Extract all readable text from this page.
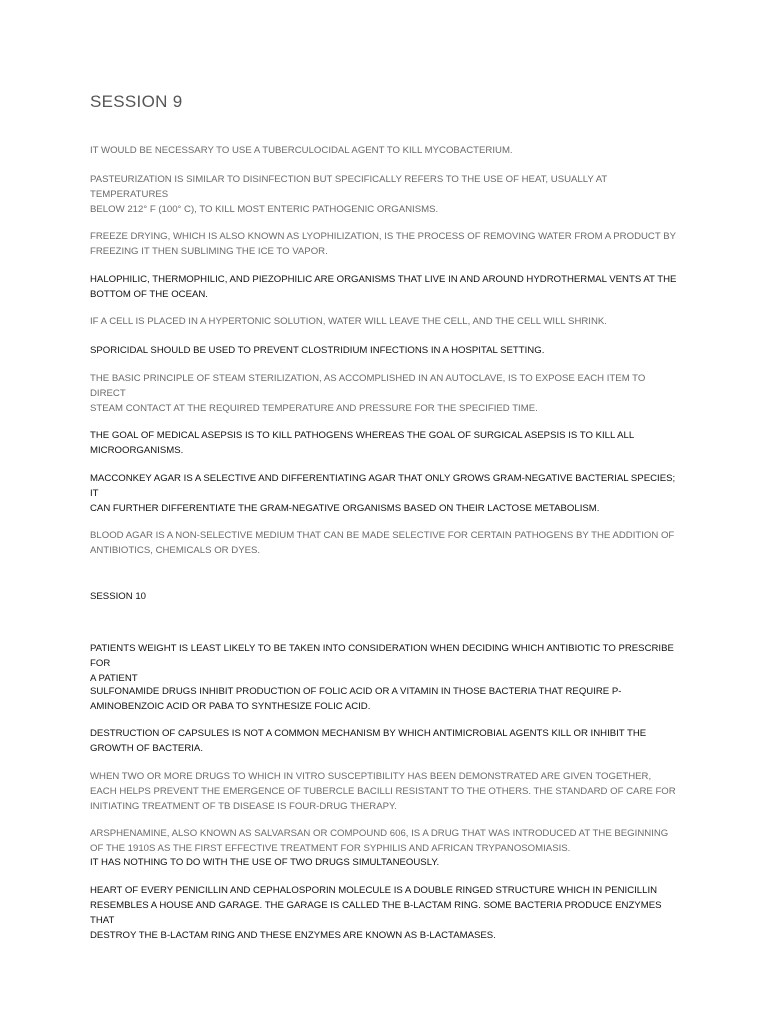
SESSION 9

IT WOULD BE NECESSARY TO USE A TUBERCULOCIDAL AGENT TO KILL MYCOBACTERIUM.

PASTEURIZATION IS SIMILAR TO DISINFECTION BUT SPECIFICALLY REFERS TO THE USE OF HEAT, USUALLY AT TEMPERATURES
BELOW 212° F (100° C), TO KILL MOST ENTERIC PATHOGENIC ORGANISMS.

FREEZE DRYING, WHICH IS ALSO KNOWN AS LYOPHILIZATION, IS THE PROCESS OF REMOVING WATER FROM A PRODUCT BY
FREEZING IT THEN SUBLIMING THE ICE TO VAPOR.

HALOPHILIC, THERMOPHILIC, AND PIEZOPHILIC ARE ORGANISMS THAT LIVE IN AND AROUND HYDROTHERMAL VENTS AT THE
BOTTOM OF THE OCEAN.

IF A CELL IS PLACED IN A HYPERTONIC SOLUTION, WATER WILL LEAVE THE CELL, AND THE CELL WILL SHRINK.

SPORICIDAL SHOULD BE USED TO PREVENT CLOSTRIDIUM INFECTIONS IN A HOSPITAL SETTING.

THE BASIC PRINCIPLE OF STEAM STERILIZATION, AS ACCOMPLISHED IN AN AUTOCLAVE, IS TO EXPOSE EACH ITEM TO DIRECT
STEAM CONTACT AT THE REQUIRED TEMPERATURE AND PRESSURE FOR THE SPECIFIED TIME.

THE GOAL OF MEDICAL ASEPSIS IS TO KILL PATHOGENS WHEREAS THE GOAL OF SURGICAL ASEPSIS IS TO KILL ALL
MICROORGANISMS.

MACCONKEY AGAR IS A SELECTIVE AND DIFFERENTIATING AGAR THAT ONLY GROWS GRAM-NEGATIVE BACTERIAL SPECIES; IT
CAN FURTHER DIFFERENTIATE THE GRAM-NEGATIVE ORGANISMS BASED ON THEIR LACTOSE METABOLISM.

BLOOD AGAR IS A NON-SELECTIVE MEDIUM THAT CAN BE MADE SELECTIVE FOR CERTAIN PATHOGENS BY THE ADDITION OF
ANTIBIOTICS, CHEMICALS OR DYES.

SESSION 10

PATIENTS WEIGHT IS LEAST LIKELY TO BE TAKEN INTO CONSIDERATION WHEN DECIDING WHICH ANTIBIOTIC TO PRESCRIBE FOR
A PATIENT

SULFONAMIDE DRUGS INHIBIT PRODUCTION OF FOLIC ACID OR A VITAMIN IN THOSE BACTERIA THAT REQUIRE P-
AMINOBENZOIC ACID OR PABA TO SYNTHESIZE FOLIC ACID.

DESTRUCTION OF CAPSULES IS NOT A COMMON MECHANISM BY WHICH ANTIMICROBIAL AGENTS KILL OR INHIBIT THE
GROWTH OF BACTERIA.

WHEN TWO OR MORE DRUGS TO WHICH IN VITRO SUSCEPTIBILITY HAS BEEN DEMONSTRATED ARE GIVEN TOGETHER,
EACH HELPS PREVENT THE EMERGENCE OF TUBERCLE BACILLI RESISTANT TO THE OTHERS. THE STANDARD OF CARE FOR
INITIATING TREATMENT OF TB DISEASE IS FOUR-DRUG THERAPY.

ARSPHENAMINE, ALSO KNOWN AS SALVARSAN OR COMPOUND 606, IS A DRUG THAT WAS INTRODUCED AT THE BEGINNING
OF THE 1910S AS THE FIRST EFFECTIVE TREATMENT FOR SYPHILIS AND AFRICAN TRYPANOSOMIASIS.

IT HAS NOTHING TO DO WITH THE USE OF TWO DRUGS SIMULTANEOUSLY.

HEART OF EVERY PENICILLIN AND CEPHALOSPORIN MOLECULE IS A DOUBLE RINGED STRUCTURE WHICH IN PENICILLIN
RESEMBLES A HOUSE AND GARAGE. THE GARAGE IS CALLED THE B-LACTAM RING. SOME BACTERIA PRODUCE ENZYMES THAT
DESTROY THE B-LACTAM RING AND THESE ENZYMES ARE KNOWN AS B-LACTAMASES.
